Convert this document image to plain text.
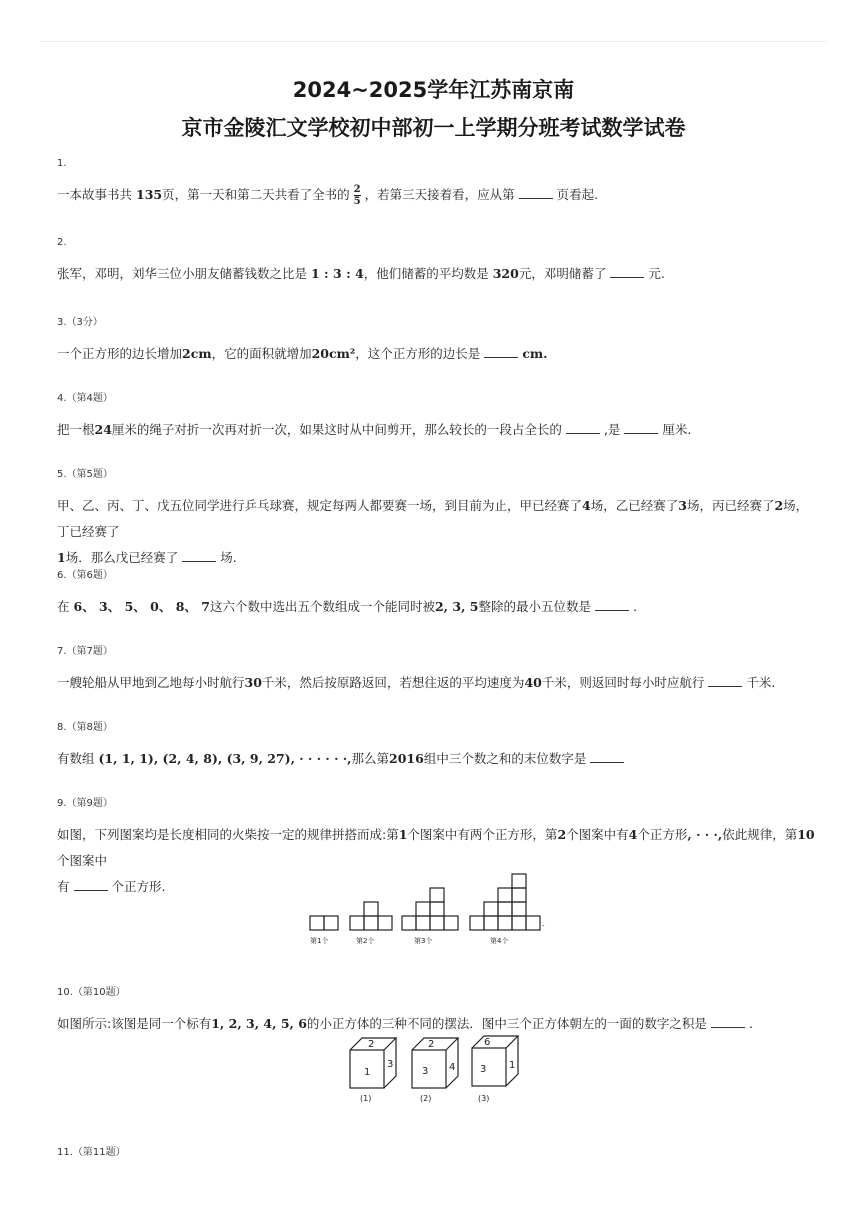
2024~2025学年江苏南京南
京市金陵汇文学校初中部初一上学期分班考试数学试卷
1.
一本故事书共 135页，第一天和第二天共看了全书的 $\frac{2}{5}$ ，若第三天接着看，应从第	页看起.
2.
张军，邓明，刘华三位小朋友储蓄钱数之比是 1 : 3 : 4，他们储蓄的平均数是 320元，邓明储蓄了	元.
3.（3分）
一个正方形的边长增加2cm，它的面积就增加20cm²，这个正方形的边长是	cm.
4.（第4题）
把一根24厘米的绳子对折一次再对折一次，如果这时从中间剪开，那么较长的一段占全长的	,是	厘米.
5.（第5题）
甲、乙、丙、丁、戊五位同学进行乒乓球赛，规定每两人都要赛一场，到目前为止，甲已经赛了4场，乙已经赛了3场，丙已经赛了2场，丁已经赛了
1场．那么戊已经赛了	场.
6.（第6题）
在 6、 3、 5、 0、 8、 7这六个数中选出五个数组成一个能同时被2, 3, 5整除的最小五位数是	.
7.（第7题）
一艘轮船从甲地到乙地每小时航行30千米，然后按原路返回，若想往返的平均速度为40千米，则返回时每小时应航行	千米.
8.（第8题）
有数组 (1, 1, 1), (2, 4, 8), (3, 9, 27), · · · · · ·,那么第2016组中三个数之和的末位数字是
9.（第9题）
如图，下列图案均是长度相同的火柴按一定的规律拼搭而成:第1个图案中有两个正方形，第2个图案中有4个正方形, · · ·,依此规律，第10个图案中
有	个正方形.
第1个	第2个	第3个	第4个
-
10.（第10题）
如图所示:该图是同一个标有1, 2, 3, 4, 5, 6的小正方体的三种不同的摆法．图中三个正方体朝左的一面的数字之积是	.
2
1
3
(1)
2
3 4
(2)
6
3 1
(3)
11.（第11题）
